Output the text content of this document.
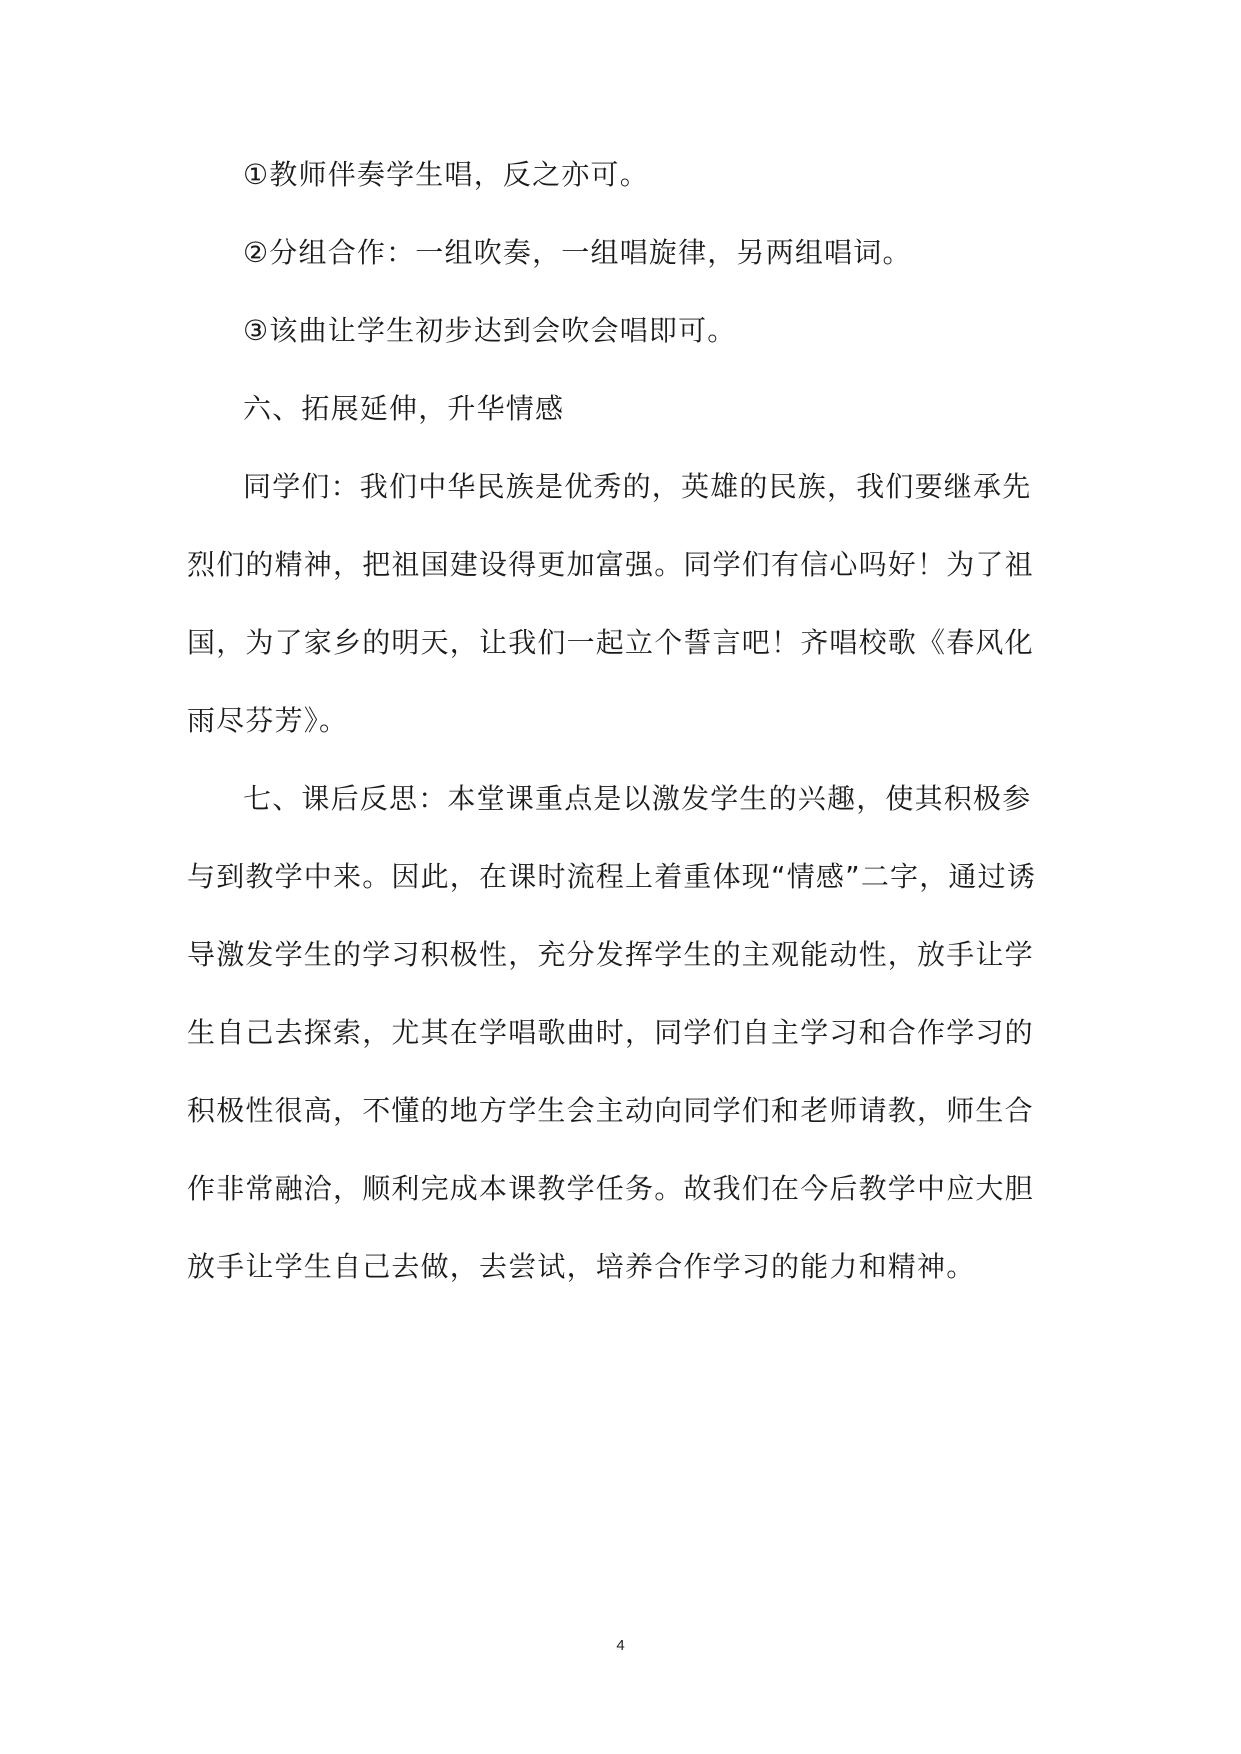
①教师伴奏学生唱，反之亦可。

②分组合作：一组吹奏，一组唱旋律，另两组唱词。

③该曲让学生初步达到会吹会唱即可。

六、拓展延伸，升华情感

同学们：我们中华民族是优秀的，英雄的民族，我们要继承先烈们的精神，把祖国建设得更加富强。同学们有信心吗好！为了祖国，为了家乡的明天，让我们一起立个誓言吧！齐唱校歌《春风化雨尽芬芳》。

七、课后反思：本堂课重点是以激发学生的兴趣，使其积极参与到教学中来。因此，在课时流程上着重体现“情感”二字，通过诱导激发学生的学习积极性，充分发挥学生的主观能动性，放手让学生自己去探索，尤其在学唱歌曲时，同学们自主学习和合作学习的积极性很高，不懂的地方学生会主动向同学们和老师请教，师生合作非常融洽，顺利完成本课教学任务。故我们在今后教学中应大胆放手让学生自己去做，去尝试，培养合作学习的能力和精神。

4
